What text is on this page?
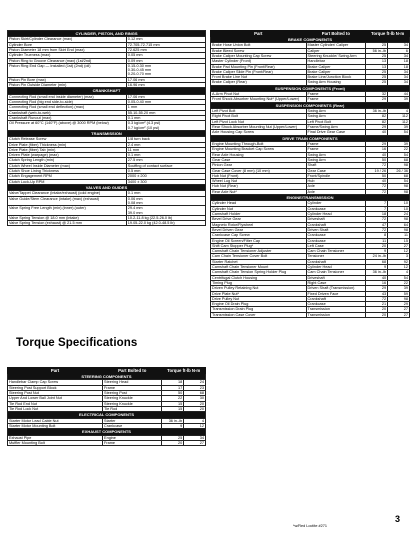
CYLINDER, PISTON, AND RINGS	
Piston Skirt/Cylinder Clearance (max)	0.12 mm
Cylinder Bore	72.705-72.715 mm
Piston Diameter 18 mm from Skirt End (max)	72.625 mm
Cylinder Trueness (max)	0.05 mm
Piston Ring to Groove Clearance (max) (1st/2nd)	0.09 mm
Piston Ring End Gap — Installed (1st) (2nd) (oil)	0.15-0.30 mm
0.30-0.45 mm
0.20-0.70 mm
Piston Pin Bore (max)	17.06 mm
Piston Pin Outside Diameter (min)	16.96 mm
CRANKSHAFT	
Connecting Rod (small end inside diameter) (max)	17.06 mm
Connecting Rod (big end side-to-side)	0.05-0.40 mm
Connecting Rod (small end deflection) (max)	1 mm
Crankshaft (web-to-web)	55.10-55.20 mm
Crankshaft Runout (max)	0.1 mm
Oil Pressure at 60°C (140°F) (above) @ 3000 RPM (below)	0.3 kg/cm² (4.3 psi)
0.7 kg/cm² (10 psi)
TRANSMISSION	
Clutch Release Screw	1/8 turn back
Drive Plate (fiber) Thickness (min)	2.4 mm
Drive Plate (fiber) Tab (min)	11 mm
Driven Plate (warpage) (max)	0.1 mm
Clutch Spring Length (min)	27.5 mm
Clutch Wheel Inside Diameter (max)	Scuffing of contact surface
Clutch Shoe Lining Thickness	0.5 mm
Clutch Engagement RPM	2000 ± 200
Clutch Lock-Up RPM	3400 ± 300
VALVES AND GUIDES	
Valve/Tappet Clearance (intake/exhaust) (cold engine)	0.1 mm
Valve Guide/Stem Clearance (intake) (max) (exhaust)	0.06 mm
0.08 mm
Valve Spring Free Length (min) (inner) (outer)	29.4 mm
39.0 mm
Valve Spring Tension @ 18.0 mm (intake)	10.2-11.8 kg (22.5-26.0 lb)
Valve Spring Tension (exhaust) @ 21.5 mm	19.05-22.0 kg (42.0-48.5 lb)
Torque Specifications
Part	Part Bolted to	Torque ft-lb N-m	
STEERING COMPONENTS			
Handlebar Clamp Cap Screw	Steering Head	18	24
Steering Post Support Block	Frame	17	23
Steering Post Nut	Steering Post	50	68
Upper And Lower Ball Joint Nut	Steering Knuckle	22	30
Tie Rod End Nut	Steering Knuckle	15	20
Tie Rod Lock Nut	Tie Rod	15	20
ELECTRICAL COMPONENTS			
Starter Motor Lead Cable Nut	Starter	36 in.-lb	4
Starter Motor Mounting Bolt	Crankcase	9	12
EXHAUST COMPONENTS			
Exhaust Pipe	Engine	25	34
Muffler Mounting Bolt	Frame	20	27
Part	Part Bolted to	Torque ft-lb N-m	
BRAKE COMPONENTS			
Brake Hose Union Bolt	Master Cylinder/ Caliper	25	34
Brake Bleed Screw	Caliper	56 in.-lb	6
Brake Caliper Mounting Cap Screw	Steering Knuckle/ Swing Arm	25	34
Master Cylinder (Front)	Handlebar	13	18
Brake Pad Mounting Pin (Front/Rear)	Brake Caliper	13	18
Brake Caliper Slide Pin (Front/Rear)	Brake Caliper	25	34
Front Brake Line Nut	Brake Line/Junction Block	25	34
Brake Caliper (Rear)	Swing Arm Housing	25	34
SUSPENSION COMPONENTS (Front)			
A-Arm Pivot Nut	Frame	32	44
Front Shock Absorber Mounting Nut* (Upper/Lower)	Frame	29	39
SUSPENSION COMPONENTS (Rear)			
Left Pivot Bolt	Swing Arm	36 in.-lb	4
Right Pivot Bolt	Swing Arm	82	112
Left Pivot Lock Nut	Left Pivot Bolt	82	112
Rear Shock Absorber Mounting Nut (Upper/Lower)	Frame/Swing Arm	29	39
Axle Housing Cap Screw	Final Drive Gear Case	40	54
DRIVE TRAIN COMPONENTS			
Engine Mounting Through-Bolt	Frame	29	39
Engine Mounting Bracket Cap Screw	Frame	16	22
Rear Axle Housing	Swing Arm	40	54
Gear Case	Swing Arm	50	68
Pinion Gear	Shaft	72	98
Gear Case Cover (8 mm) (10 mm)	Gear Case	19 / 26	26 / 36
Hub Nut (Front)	Front/Spindle	50	68
Wheel Lug Nut	Hub	40	54
Hub Nut (Rear)	Axle	72	98
Rear Axle Nut*	Axle	72	98
ENGINE/TRANSMISSION			
Cylinder Head	Cylinder	7	10
Cylinder Nut	Crankcase	7	10
Camshaft Holder	Cylinder Head	18	24
Bevel Drive Gear	Driveshaft	72	98
Magneto Rotor/Flywheel	Crankshaft	47	64
Bevel Driven Gear	Driven Shaft	72	98
Crankcase Cap Screw	Crankcase	8	11
Engine Oil Screen/Filter Cap	Crankcase	11	15
Shift Cam Stopper Plug*	Left Case	20	27
Camshaft Chain Tensioner Adjuster	Cam Chain Tensioner	9	12
Cam Chain Tensioner Cover Bolt	Tensioner	24 in.-lb	3
Starter Ratchet	Crankshaft	68	92
Camshaft Chain Tensioner Mount	Cylinder Head	9	12
Camshaft Chain Tension Spring Holder Plug	Cam Chain Tensioner	36 in.-lb	4
Centrifugal Clutch Housing	Driveshaft	40	54
Timing Plug	Right Case	16	22
Driven Pulley Retaining Nut	Driven Shaft (Transmission)	29	39
Drive Plate Nut*	Fixed Driven Face	43	59
Drive Pulley Nut	Crankshaft	72	98
Engine Oil Drain Plug	Crankcase	21	29
Transmission Drain Plug	Transmission	20	27
Transmission Case Cover	Transmission	20	27
*w/Red Loctite #271
3
